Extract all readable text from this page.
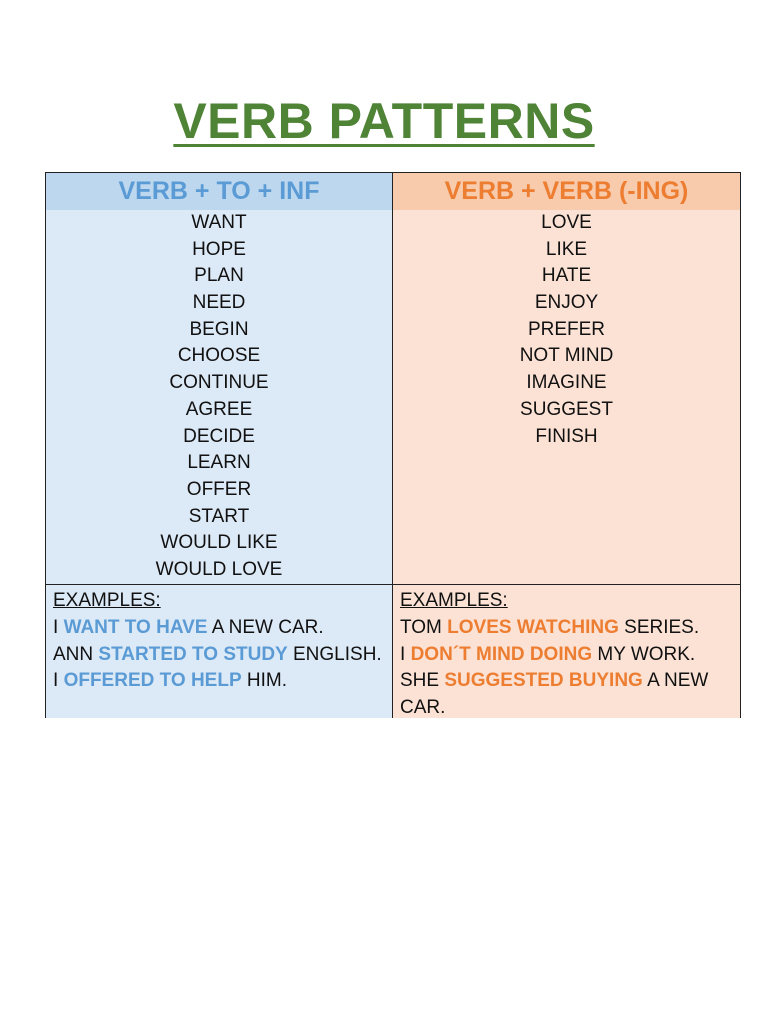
VERB PATTERNS
VERB + TO + INF
WANT
HOPE
PLAN
NEED
BEGIN
CHOOSE
CONTINUE
AGREE
DECIDE
LEARN
OFFER
START
WOULD LIKE
WOULD LOVE
VERB + VERB (-ING)
LOVE
LIKE
HATE
ENJOY
PREFER
NOT MIND
IMAGINE
SUGGEST
FINISH
EXAMPLES:
I WANT TO HAVE A NEW CAR.
ANN STARTED TO STUDY ENGLISH.
I OFFERED TO HELP HIM.
EXAMPLES:
TOM LOVES WATCHING SERIES.
I DON´T MIND DOING MY WORK.
SHE SUGGESTED BUYING A NEW CAR.
